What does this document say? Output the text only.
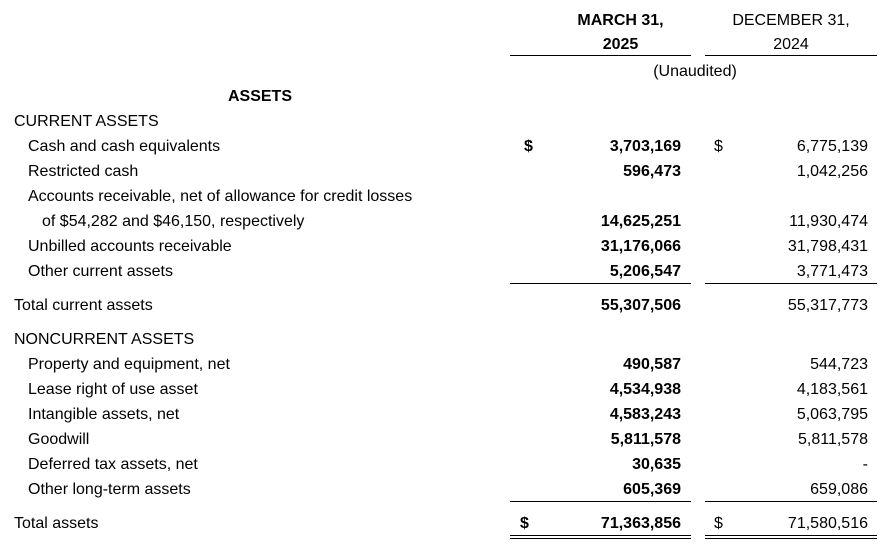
MARCH 31,
2025
DECEMBER 31,
2024
(Unaudited)
ASSETS
CURRENT ASSETS
Cash and cash equivalents	$	3,703,169 $	6,775,139
Restricted cash	596,473	1,042,256
Accounts receivable, net of allowance for credit losses
of $54,282 and $46,150, respectively	14,625,251	11,930,474
Unbilled accounts receivable	31,176,066	31,798,431
Other current assets	5,206,547	3,771,473
Total current assets	55,307,506	55,317,773
NONCURRENT ASSETS
Property and equipment, net	490,587	544,723
Lease right of use asset	4,534,938	4,183,561
Intangible assets, net	4,583,243	5,063,795
Goodwill	5,811,578	5,811,578
Deferred tax assets, net	30,635	-
Other long-term assets	605,369	659,086
Total assets	$	71,363,856 $	71,580,516
